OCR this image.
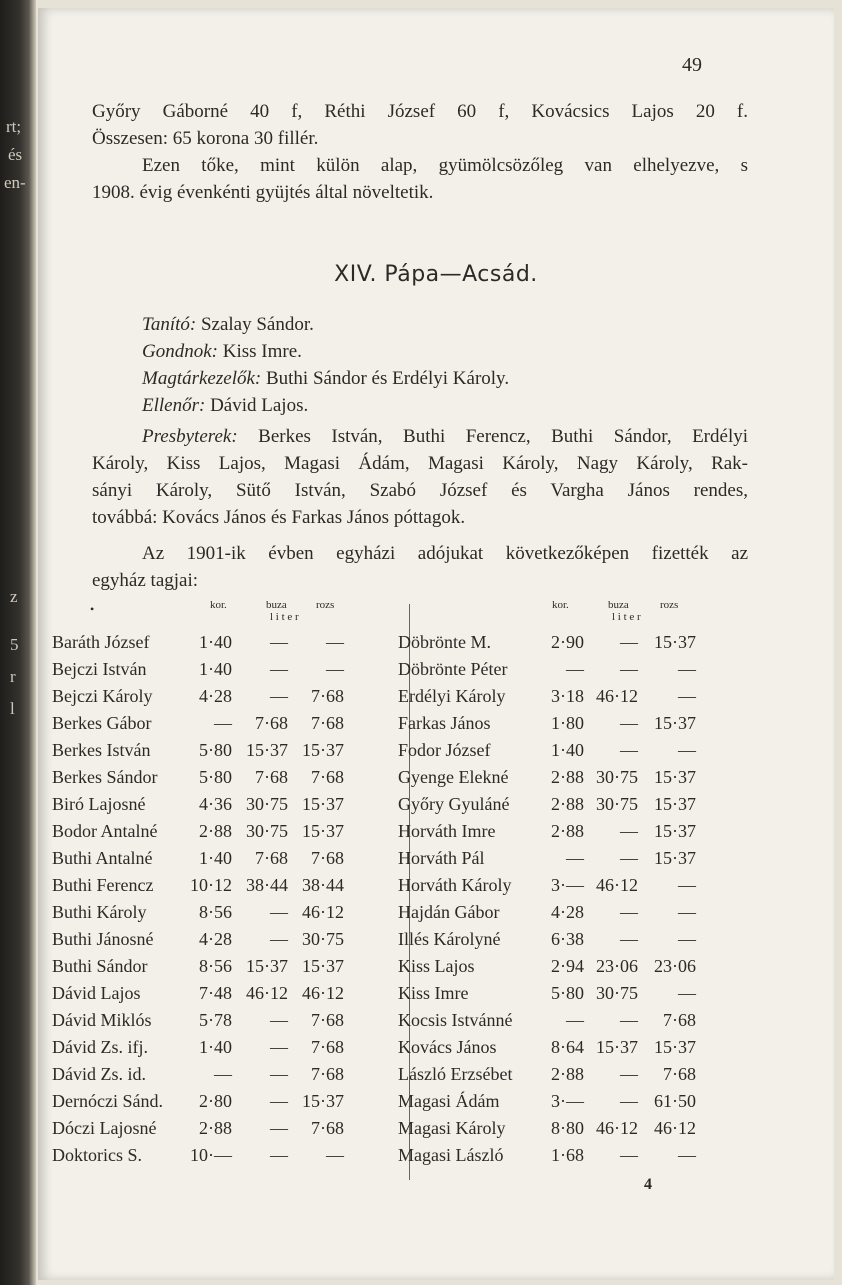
rt;
és
en-
z
5
r
l
49
Győry Gáborné 40 f, Réthi József 60 f, Kovácsics Lajos 20 f.
Összesen: 65 korona 30 fillér.
Ezen tőke, mint külön alap, gyümölcsözőleg van elhelyezve, s
1908. évig évenkénti gyüjtés által növeltetik.
XIV. Pápa—Acsád.
Tanító: Szalay Sándor.
Gondnok: Kiss Imre.
Magtárkezelők: Buthi Sándor és Erdélyi Károly.
Ellenőr: Dávid Lajos.
Presbyterek: Berkes István, Buthi Ferencz, Buthi Sándor, Erdélyi
Károly, Kiss Lajos, Magasi Ádám, Magasi Károly, Nagy Károly, Rak-
sányi Károly, Sütő István, Szabó József és Vargha János rendes,
továbbá: Kovács János és Farkas János póttagok.
Az 1901-ik évben egyházi adójukat következőképen fizették az
egyház tagjai:
•	kor.	buza	rozs
l i t e r
Baráth József	1·40	—	—
Bejczi István	1·40	—	—
Bejczi Károly	4·28	—	7·68
Berkes Gábor	—	7·68	7·68
Berkes István	5·80 15·37 15·37
Berkes Sándor	5·80	7·68	7·68
Biró Lajosné	4·36 30·75 15·37
Bodor Antalné	2·88 30·75 15·37
Buthi Antalné	1·40	7·68	7·68
Buthi Ferencz	10·12 38·44 38·44
Buthi Károly	8·56	— 46·12
Buthi Jánosné	4·28	— 30·75
Buthi Sándor	8·56 15·37 15·37
Dávid Lajos	7·48 46·12 46·12
Dávid Miklós	5·78	—	7·68
Dávid Zs. ifj.	1·40	—	7·68
Dávid Zs. id.	—	—	7·68
Dernóczi Sánd.	2·80	— 15·37
Dóczi Lajosné	2·88	—	7·68
Doktorics S.	10·—	—	—
kor.	buza	rozs
l i t e r
Döbrönte M.	2·90	— 15·37
Döbrönte Péter	—	—	—
Erdélyi Károly	3·18 46·12	—
Farkas János	1·80	— 15·37
Fodor József	1·40	—	—
Gyenge Elekné	2·88 30·75 15·37
Győry Gyuláné	2·88 30·75 15·37
Horváth Imre	2·88	— 15·37
Horváth Pál	—	— 15·37
Horváth Károly	3·— 46·12	—
Hajdán Gábor	4·28	—	—
Illés Károlyné	6·38	—	—
Kiss Lajos	2·94 23·06 23·06
Kiss Imre	5·80 30·75	—
Kocsis Istvánné	—	—	7·68
Kovács János	8·64 15·37 15·37
László Erzsébet	2·88	—	7·68
Magasi Ádám	3·—	— 61·50
Magasi Károly	8·80 46·12 46·12
Magasi László	1·68	—	—
4
